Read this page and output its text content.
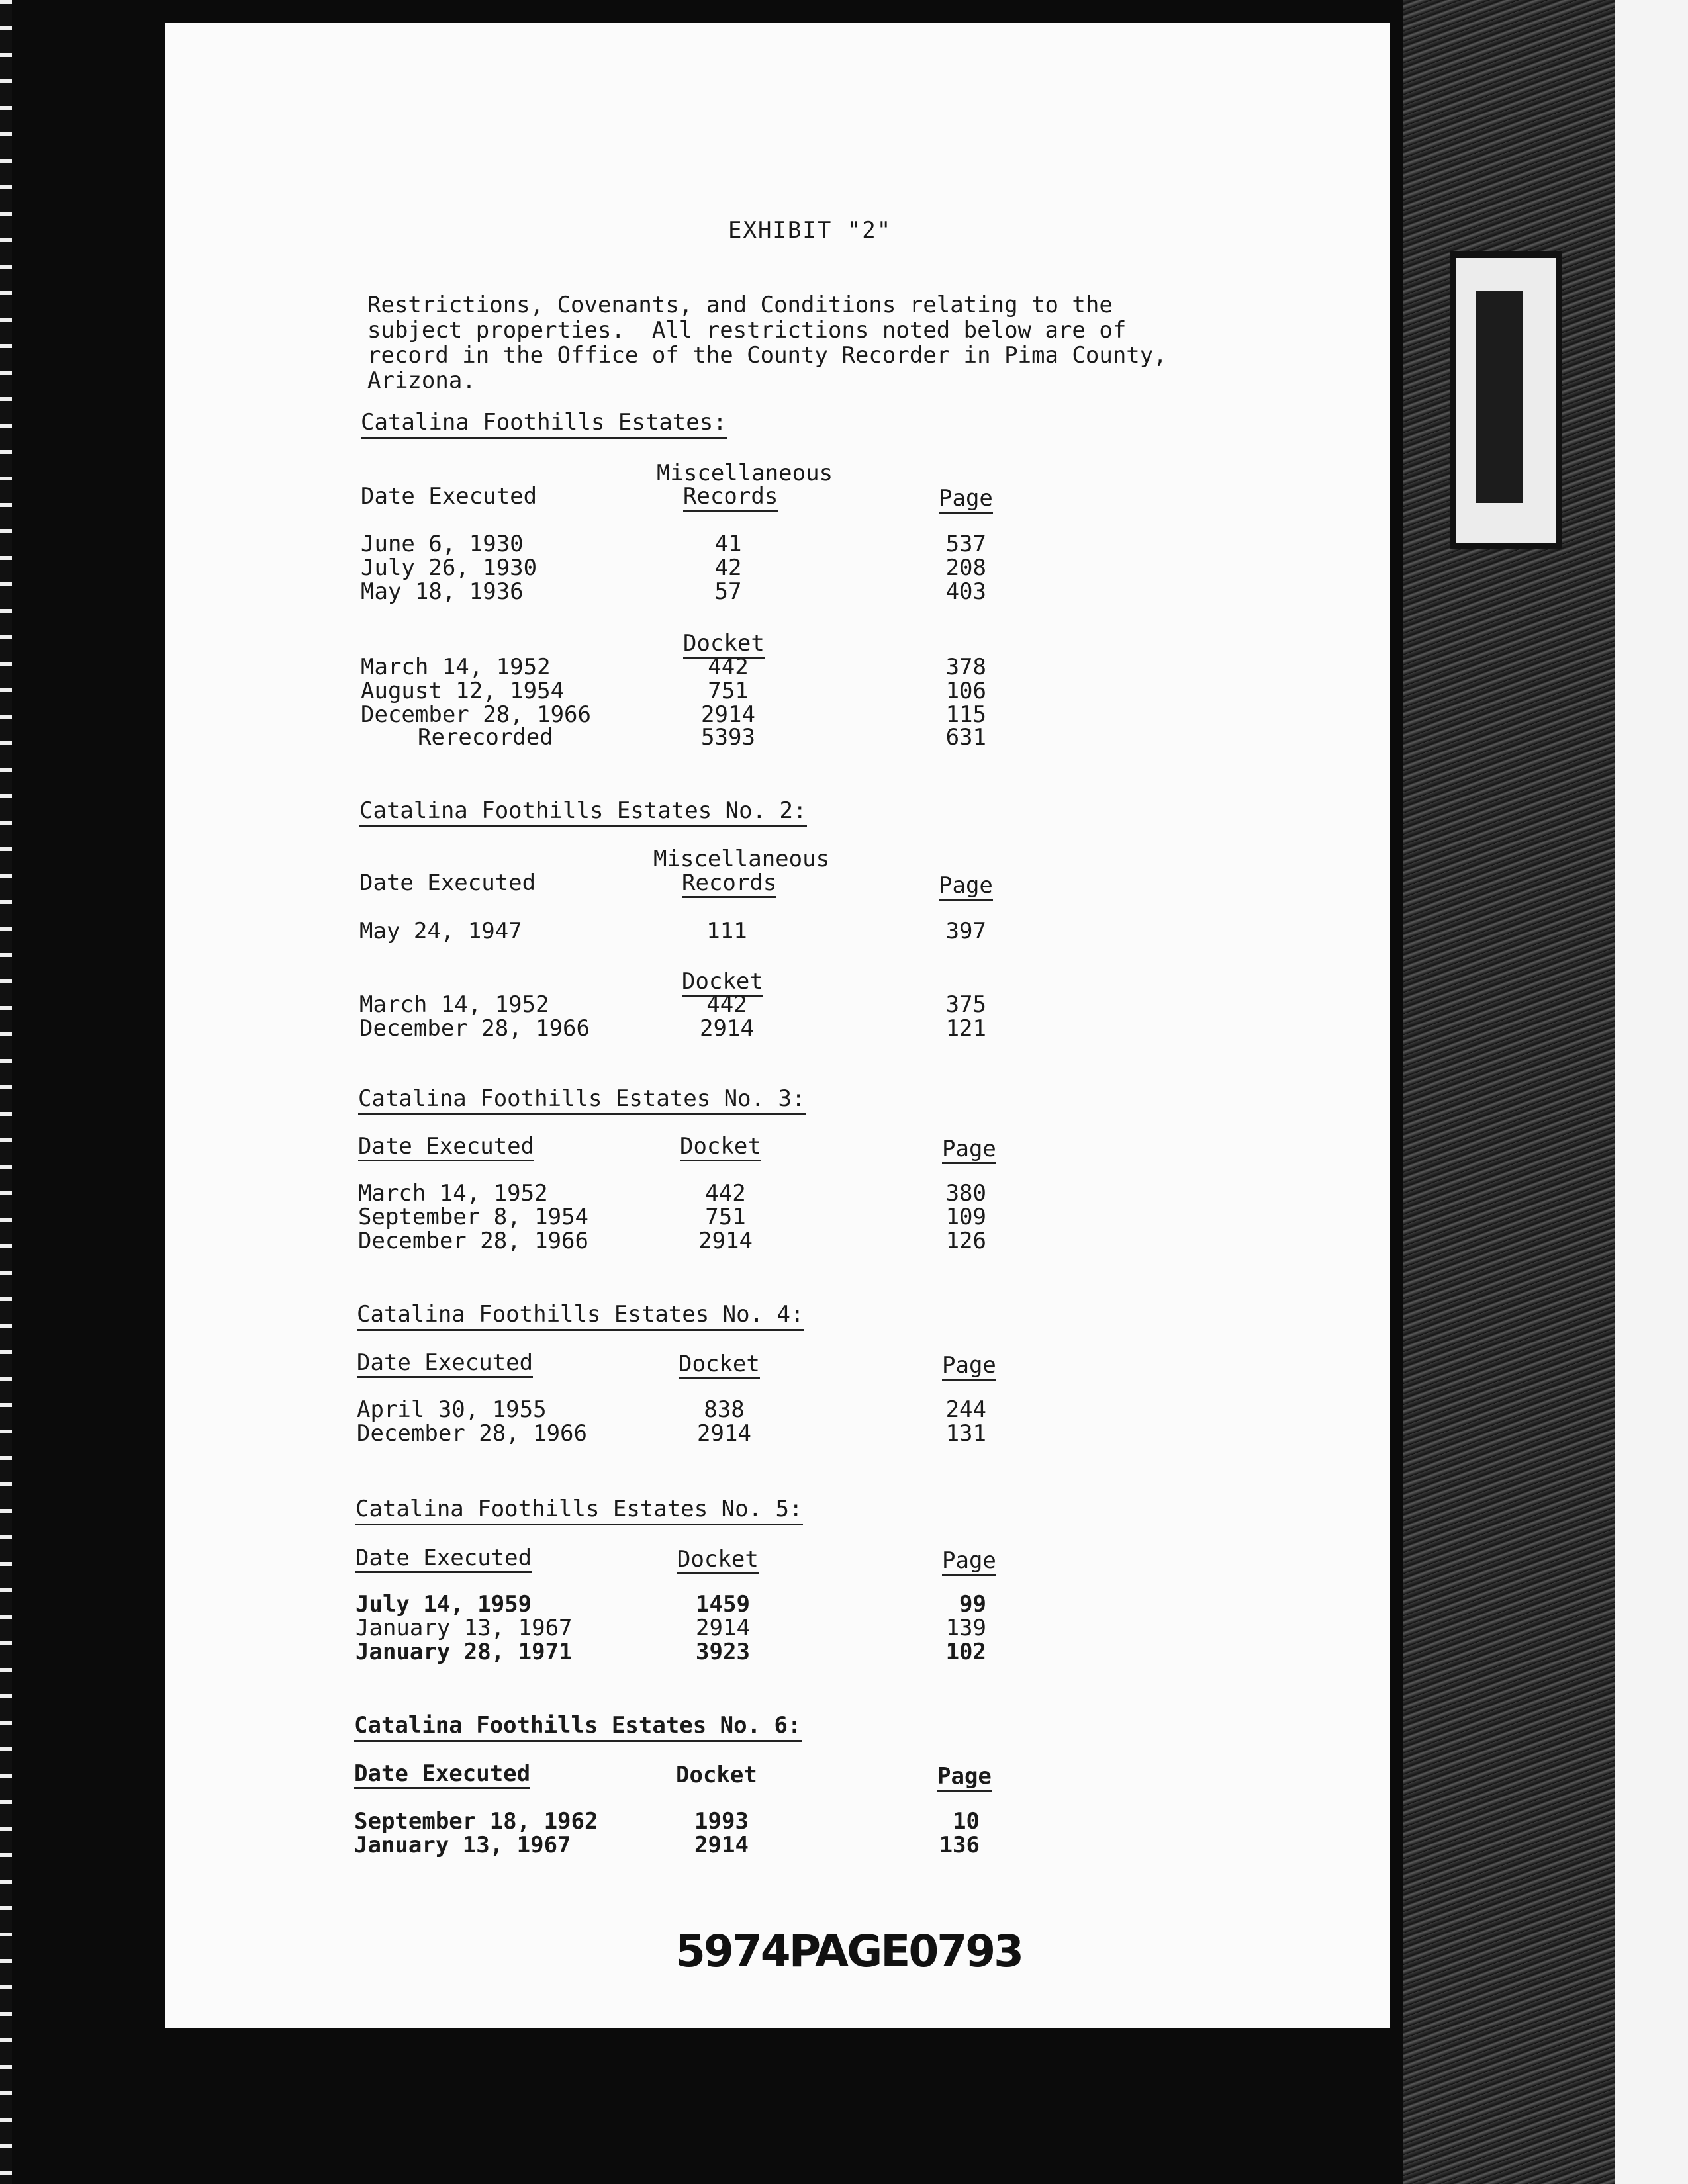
EXHIBIT "2"
Restrictions, Covenants, and Conditions relating to the
subject properties.  All restrictions noted below are of
record in the Office of the County Recorder in Pima County,
Arizona.
Catalina Foothills Estates:
Miscellaneous
Date Executed	Records	Page
June 6, 1930	41	537
July 26, 1930	42	208
May 18, 1936	57	403
Docket
March 14, 1952	442	378
August 12, 1954	751	106
December 28, 1966	2914	115
Rerecorded	5393	631
Catalina Foothills Estates No. 2:
Miscellaneous
Date Executed	Records	Page
May 24, 1947	111	397
Docket
March 14, 1952	442	375
December 28, 1966	2914	121
Catalina Foothills Estates No. 3:
Date Executed	Docket	Page
March 14, 1952	442	380
September 8, 1954	751	109
December 28, 1966	2914	126
Catalina Foothills Estates No. 4:
Date Executed	Docket	Page
April 30, 1955	838	244
December 28, 1966	2914	131
Catalina Foothills Estates No. 5:
Date Executed	Docket	Page
July 14, 1959	1459	99
January 13, 1967	2914	139
January 28, 1971	3923	102
Catalina Foothills Estates No. 6:
Date Executed	Docket	Page
September 18, 1962	1993	10
January 13, 1967	2914	136
5974PAGE0793
